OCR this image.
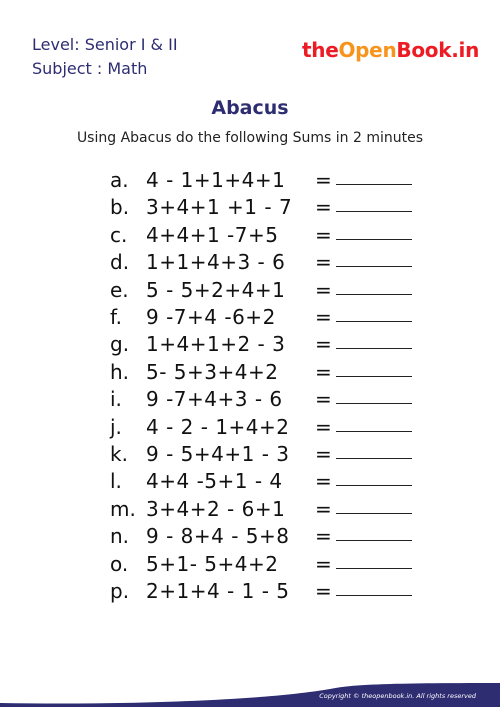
Level: Senior I & II
Subject : Math
theOpenBook.in
Abacus
Using Abacus do the following Sums in 2 minutes
a. 4 - 1+1+4+1 =
b. 3+4+1 +1 - 7 =
c. 4+4+1 -7+5 =
d. 1+1+4+3 - 6 =
e. 5 - 5+2+4+1 =
f.	9 -7+4 -6+2 =
g. 1+4+1+2 - 3 =
h. 5- 5+3+4+2 =
i.	9 -7+4+3 - 6 =
j.	4 - 2 - 1+4+2 =
k. 9 - 5+4+1 - 3 =
l.	4+4 -5+1 - 4 =
m. 3+4+2 - 6+1 =
n. 9 - 8+4 - 5+8 =
o. 5+1- 5+4+2 =
p. 2+1+4 - 1 - 5 =
Copyright © theopenbook.in. All rights reserved
